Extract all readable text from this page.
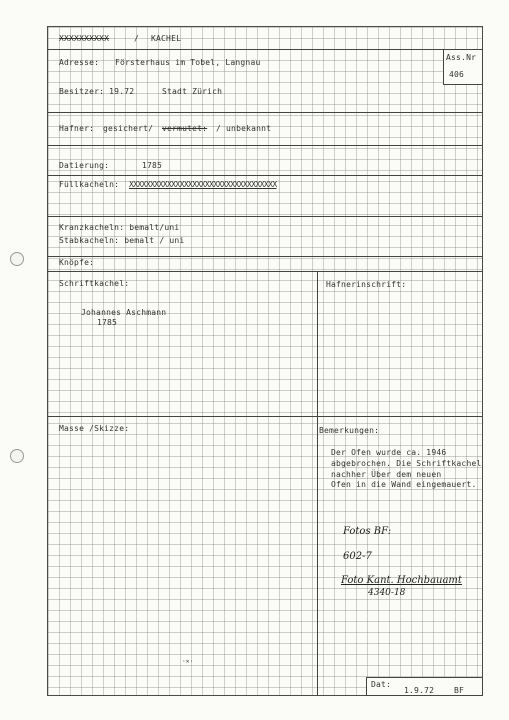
XXXXXXXXXX	/ KACHEL
Adresse: Försterhaus im Tobel, Langnau
Ass.Nr
406
Besitzer: 19.72	Stadt Zürich
Hafner: gesichert/ vermutet: / unbekannt
Datierung:	1785
Füllkacheln: XXXXXXXXXXXXXXXXXXXXXXXXXXXXXXXXXXX
Kranzkacheln: bemalt/uni
Stabkacheln: bemalt / uni
Knöpfe:
Schriftkachel:
Johannes Aschmann
1785
Hafnerinschrift:
Masse /Skizze:	Bemerkungen:
Der Ofen wurde ca. 1946
abgebrochen. Die Schriftkachel
nachher Über dem neuen
Ofen in die Wand eingemauert.
Fotos BF:
602-7
Foto Kant. Hochbauamt
4340-18
·✕·
Dat:
1.9.72 BF
